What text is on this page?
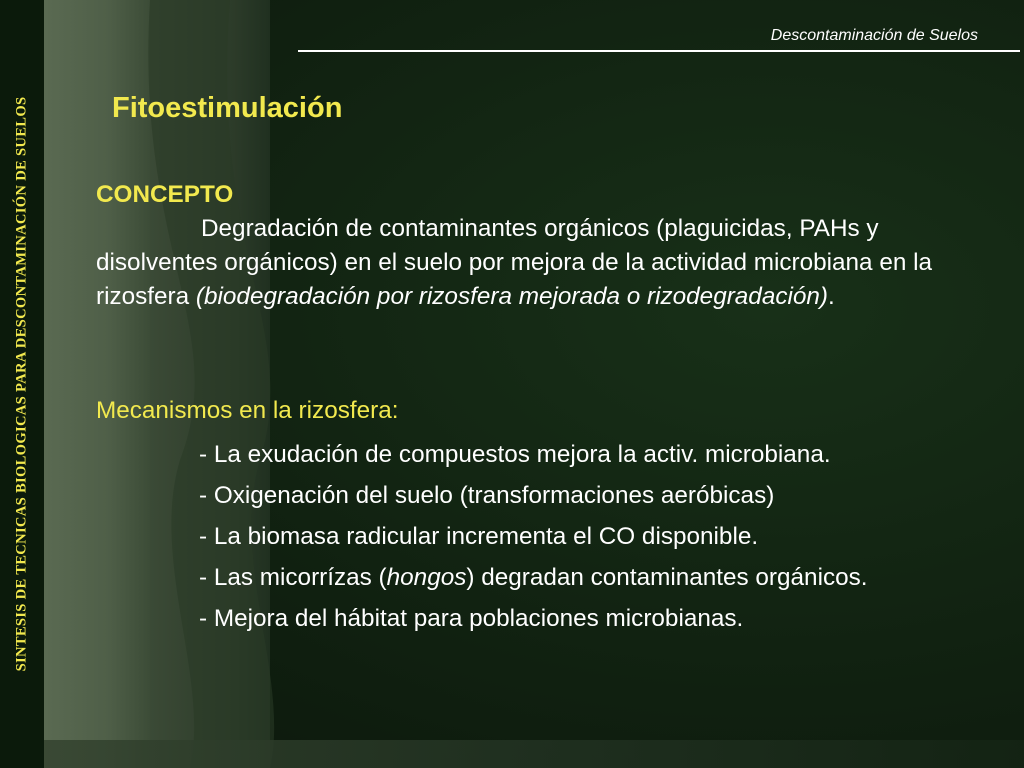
SINTESIS DE TECNICAS BIOLOGICAS PARA DESCONTAMINACIÓN DE SUELOS
Descontaminación de Suelos
Fitoestimulación
CONCEPTO
Degradación de contaminantes orgánicos (plaguicidas, PAHs y disolventes orgánicos) en el suelo por mejora de la actividad microbiana en la rizosfera (biodegradación por rizosfera mejorada o rizodegradación).
Mecanismos en la rizosfera:
- La exudación de compuestos mejora la activ. microbiana.
- Oxigenación del suelo (transformaciones aeróbicas)
- La biomasa radicular incrementa el CO disponible.
- Las micorrízas (hongos) degradan contaminantes orgánicos.
- Mejora del hábitat para poblaciones microbianas.
